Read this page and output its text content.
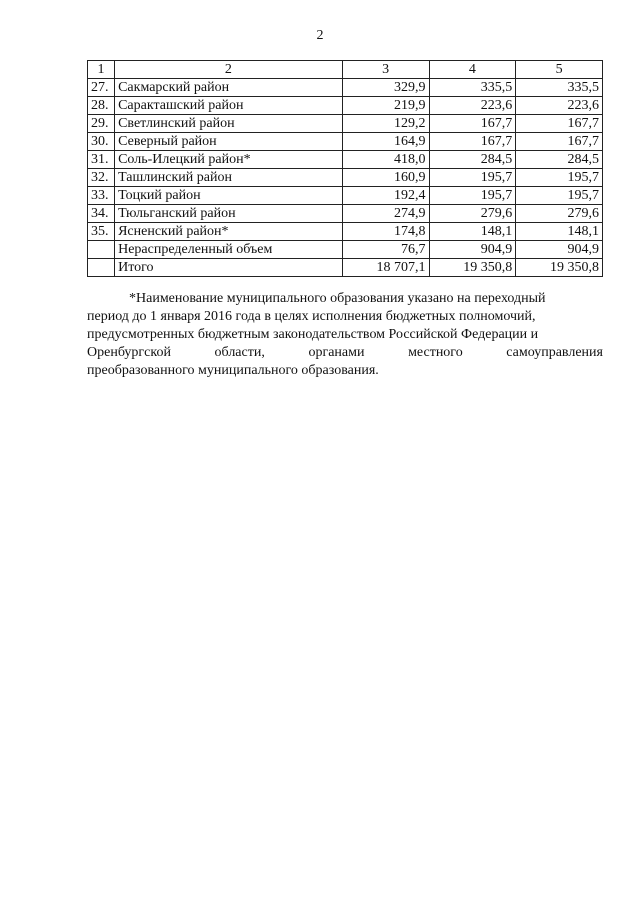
2
1	2	3	4	5
27.	Сакмарский район	329,9	335,5	335,5
28.	Саракташский район	219,9	223,6	223,6
29.	Светлинский район	129,2	167,7	167,7
30.	Северный район	164,9	167,7	167,7
31.	Соль-Илецкий район*	418,0	284,5	284,5
32.	Ташлинский район	160,9	195,7	195,7
33.	Тоцкий район	192,4	195,7	195,7
34.	Тюльганский район	274,9	279,6	279,6
35.	Ясненский район*	174,8	148,1	148,1
	Нераспределенный объем	76,7	904,9	904,9
	Итого	18 707,1	19 350,8	19 350,8

*Наименование муниципального образования указано на переходный

период до 1 января 2016 года в целях исполнения бюджетных полномочий,

предусмотренных бюджетным законодательством Российской Федерации и

Оренбургской	области,	органами	местного	самоуправления

преобразованного муниципального образования.
